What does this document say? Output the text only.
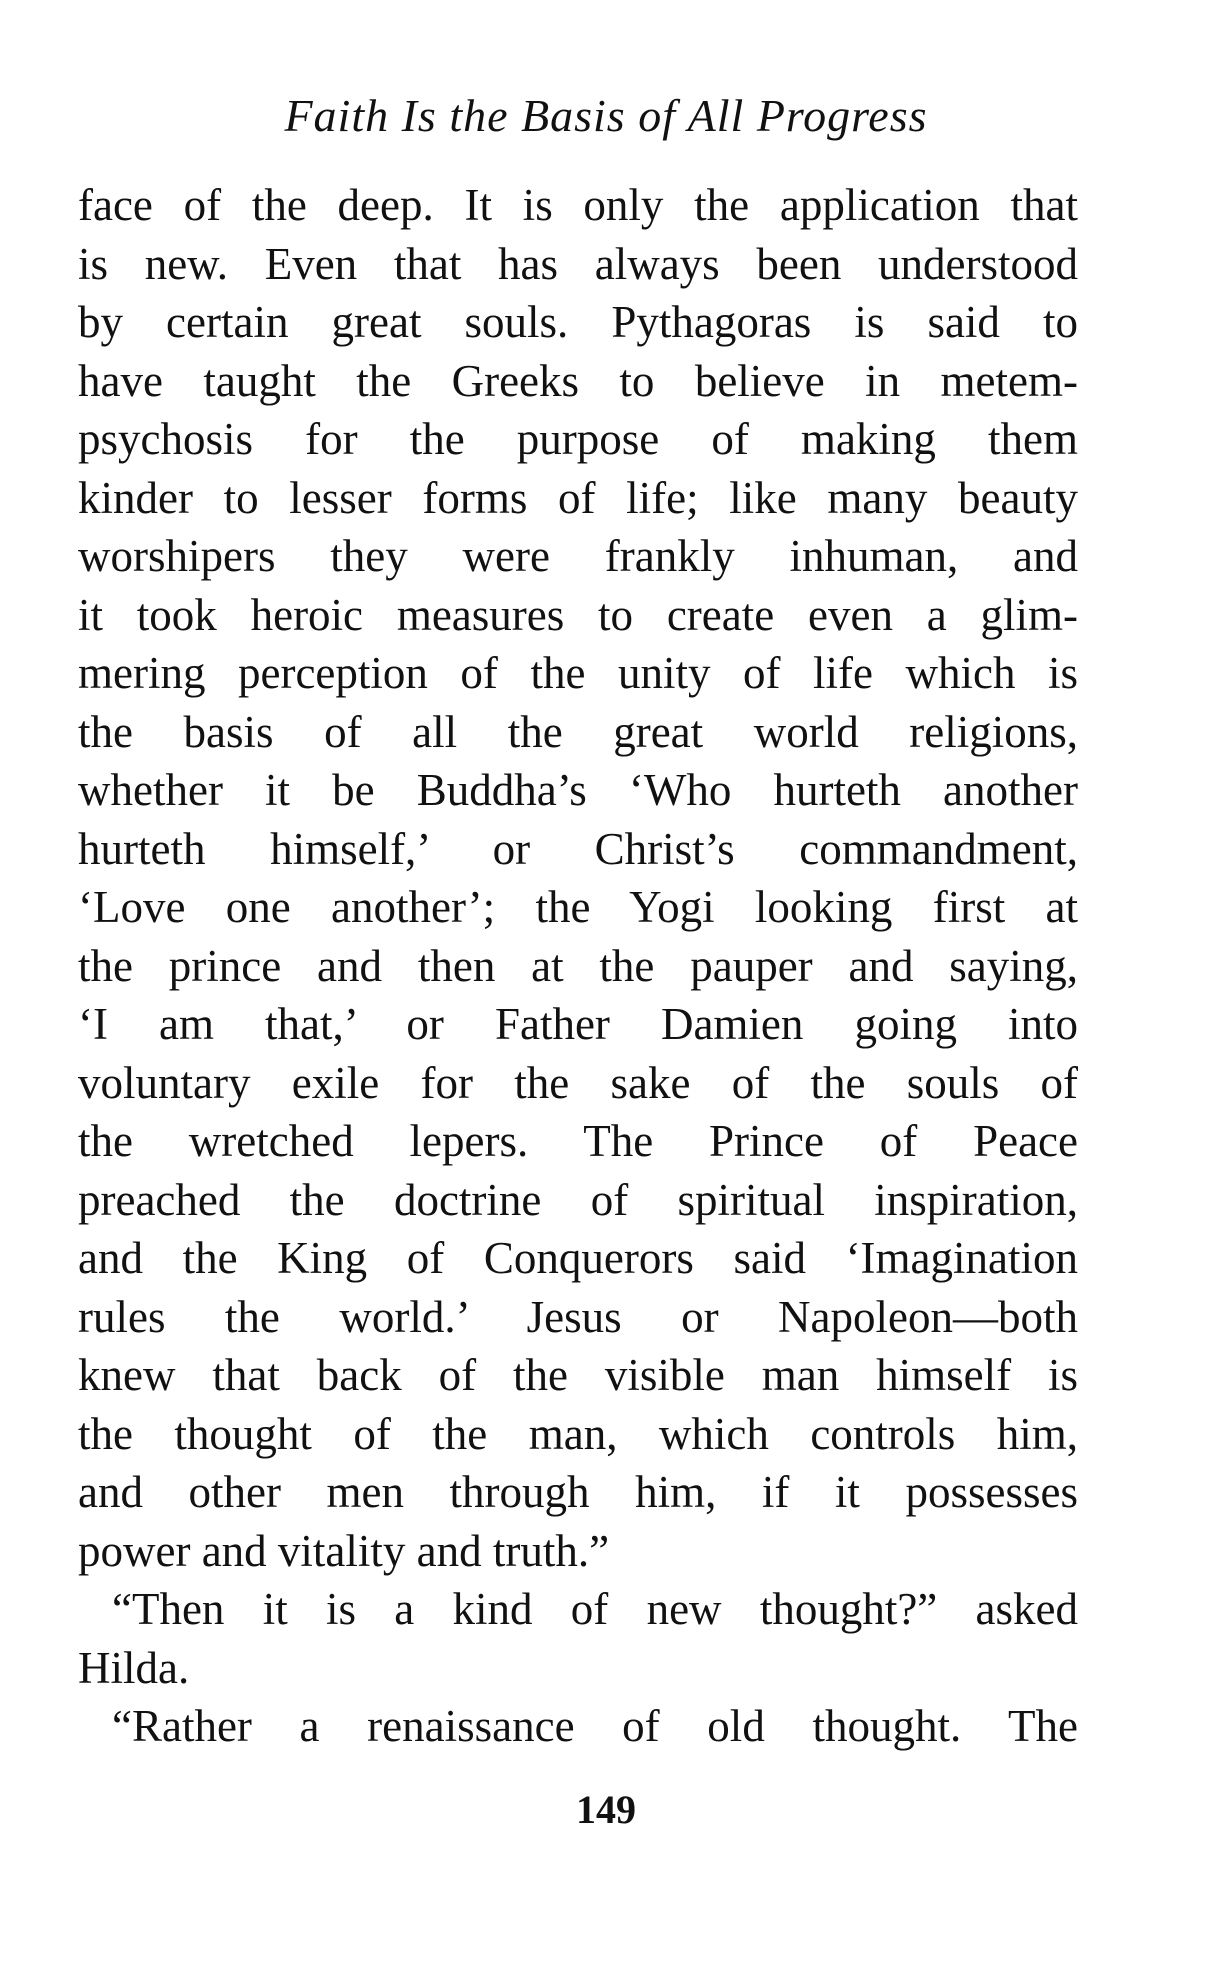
Faith Is the Basis of All Progress
face of the deep. It is only the application that
is new. Even that has always been understood
by certain great souls. Pythagoras is said to
have taught the Greeks to believe in metem-
psychosis for the purpose of making them
kinder to lesser forms of life; like many beauty
worshipers they were frankly inhuman, and
it took heroic measures to create even a glim-
mering perception of the unity of life which is
the basis of all the great world religions,
whether it be Buddha’s ‘Who hurteth another
hurteth himself,’ or Christ’s commandment,
‘Love one another’; the Yogi looking first at
the prince and then at the pauper and saying,
‘I am that,’ or Father Damien going into
voluntary exile for the sake of the souls of
the wretched lepers. The Prince of Peace
preached the doctrine of spiritual inspiration,
and the King of Conquerors said ‘Imagination
rules the world.’ Jesus or Napoleon—both
knew that back of the visible man himself is
the thought of the man, which controls him,
and other men through him, if it possesses
power and vitality and truth.”
“Then it is a kind of new thought?” asked
Hilda.
“Rather a renaissance of old thought. The
149
